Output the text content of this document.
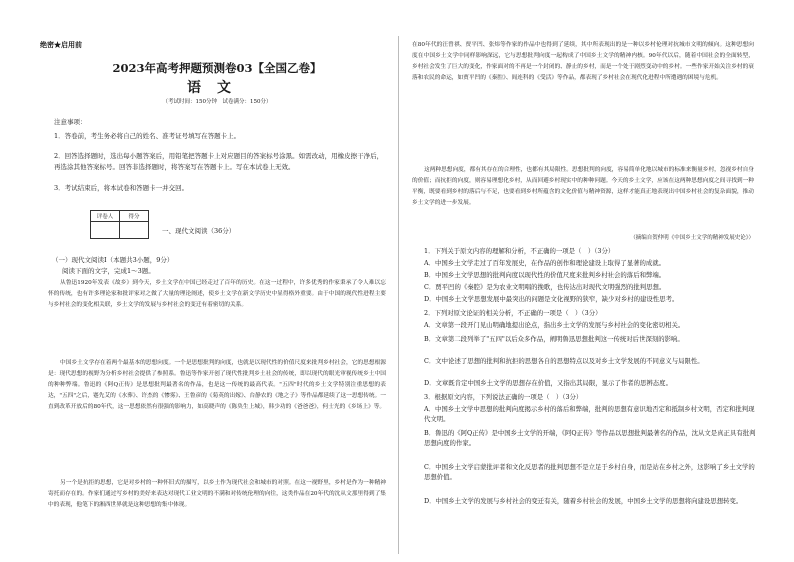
绝密★启用前
2023年高考押题预测卷03【全国乙卷】
语文
（考试时间：150分钟　试卷满分：150分）
注意事项：
1．答卷前，考生务必将自己的姓名、准考证号填写在答题卡上。
2．回答选择题时，选出每小题答案后，用铅笔把答题卡上对应题目的答案标号涂黑。如需改动，用橡皮擦干净后，再选涂其他答案标号。回答非选择题时，将答案写在答题卡上。写在本试卷上无效。
3．考试结束后，将本试卷和答题卡一并交回。
评卷人	得分

一、现代文阅读（36分）
（一）现代文阅读Ⅰ（本题共3小题，9分）
阅读下面的文字，完成1～3题。
从鲁迅1920年发表《故乡》到今天，乡土文学在中国已经走过了百年的历史。在这一过程中，许多优秀的作家秉承了令人难以忘怀的传统，也有许多理论家和批评家对之做了大量的理论阐述，使乡土文学在新文学历史中显得格外重要。由于中国的现代性进程主要与乡村社会的变化相关联，乡土文学的发展与乡村社会的变迁有着密切的关系。
中国乡土文学存在着两个最基本的思想向度。一个是思想批判的向度，也就是以现代性的价值尺度来批判乡村社会，它的思想根源是：现代思想的视野为分析乡村社会提供了参照系。鲁迅等作家开创了现代性批判乡土社会的传统，即以现代的眼光审视传统乡土中国的种种弊端。鲁迅的《阿Q正传》是思想批判最著名的作品，也是这一传统的最高代表。"五四"时代的乡土文学特别注重思想的表达，"五四"之后，蹇先艾的《水葬》、许杰的《惨雾》、王鲁彦的《菊英的出嫁》、台静农的《地之子》等作品都延续了这一思想传统。一直到改革开放后的80年代，这一思想依然有很强的影响力，如高晓声的《陈奂生上城》，韩少功的《爸爸爸》，何士光的《乡场上》等。
另一个是抗拒的思想，它是对乡村的一种怀旧式的描写，以乡土作为现代社会和城市的对照。在这一视野里，乡村是作为一种精神寄托而存在的。作家们通过写乡村的美好来表达对现代工业文明的不满和对传统伦理的向往，这类作品在20年代的沈从文那里得到了集中的表现，他笔下的湘西世界就是这种思想的集中体现。
在80年代的汪曾祺、贾平凹、张炜等作家的作品中也得到了延续，其中所表现出的是一种以乡村伦理对抗城市文明的倾向。这种思想向度在中国乡土文学中同样影响深远，它与思想批判向度一起构成了中国乡土文学的精神内核。90年代以后，随着中国社会的全面转型，乡村社会发生了巨大的变化，作家面对的不再是一个封闭的、静止的乡村，而是一个处于剧烈变动中的乡村。一些作家开始关注乡村的衰落和农民的命运，如贾平凹的《秦腔》、阎连科的《受活》等作品，都表现了乡村社会在现代化进程中所遭遇的困境与危机。
这两种思想向度，都有其存在的合理性，也都有其局限性。思想批判的向度，容易简单化地以城市的标准来衡量乡村，忽视乡村自身的价值；而抗拒的向度，则容易理想化乡村，从而回避乡村现实中的种种问题。今天的乡土文学，应该在这两种思想向度之间寻找到一种平衡，既要看到乡村的落后与不足，也要看到乡村所蕴含的文化价值与精神资源，这样才能真正地表现出中国乡村社会的复杂面貌，推动乡土文学的进一步发展。
（摘编自贺仲明《中国乡土文学的精神发展史论》）
1．下列关于原文内容的理解和分析，不正确的一项是（　）（3分）
A．中国乡土文学走过了百年发展史，在作品的创作和理论建设上取得了显著的成就。
B．中国乡土文学思想的批判向度以现代性的价值尺度来批判乡村社会的落后和弊端。
C．贾平凹的《秦腔》是为农业文明唱的挽歌，也传达出对现代文明强烈的批判思想。
D．中国乡土文学思想发展中最突出的问题是文化视野的狭窄，缺少对乡村的建设性思考。
2．下列对原文论证的相关分析，不正确的一项是（　）（3分）
A．文章第一段开门见山明确地提出论点，指出乡土文学的发展与乡村社会的变化密切相关。
B．文章第二段列举了"五四"以后众多作品，阐明鲁迅思想批判这一传统对后世深刻的影响。
C．文中论述了思想的批判和抗拒的思想各自的思想特点以及对乡土文学发展的不同意义与局限性。
D．文章既肯定中国乡土文学的思想存在价值，又指出其局限，显示了作者的思辨态度。
3．根据原文内容，下列说法正确的一项是（　）（3分）
A．中国乡土文学中思想的批判向度揭示乡村的落后和弊端，批判的思想有意识地否定和抵制乡村文明，否定和批判现代文明。
B．鲁迅的《阿Q正传》是中国乡土文学的开端，《阿Q正传》等作品以思想批判最著名的作品，沈从文是真正具有批判思想向度的作家。
C．中国乡土文学启蒙批评者和文化反思者的批判思想不是立足于乡村自身，而是站在乡村之外，这影响了乡土文学的思想价值。
D．中国乡土文学的发展与乡村社会的变迁有关，随着乡村社会的发展，中国乡土文学的思想将向建设思想转变。
